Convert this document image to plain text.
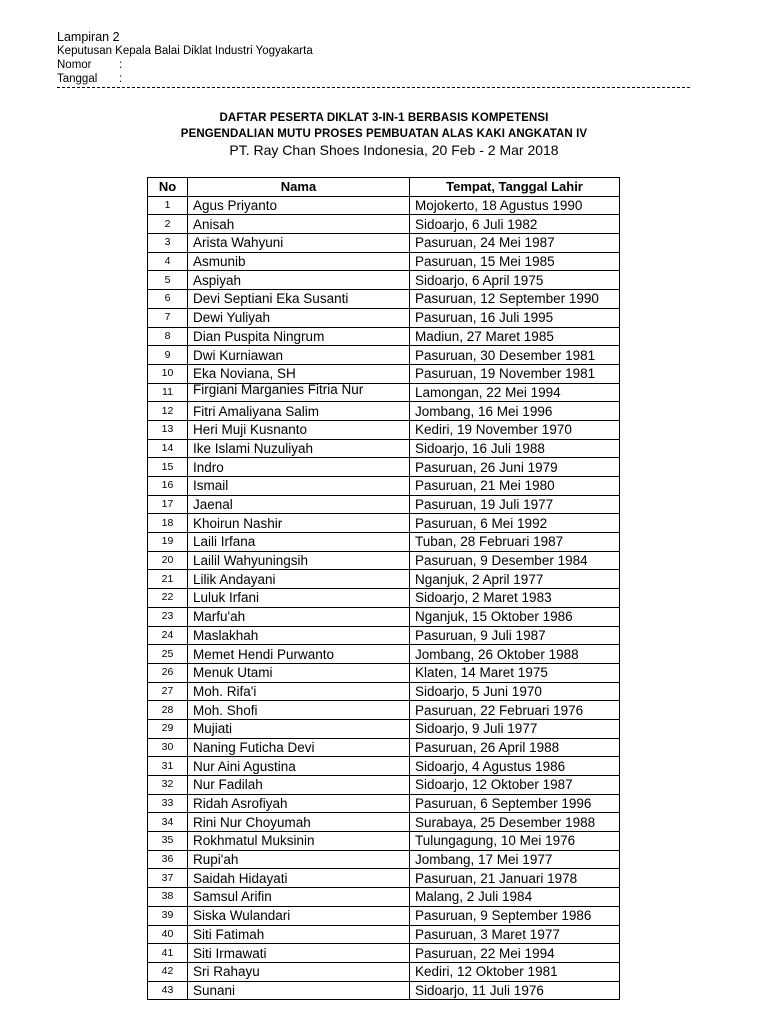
Lampiran 2
Keputusan Kepala Balai Diklat Industri Yogyakarta
Nomor	:
Tanggal	:
DAFTAR PESERTA DIKLAT 3-IN-1 BERBASIS KOMPETENSI
PENGENDALIAN MUTU PROSES PEMBUATAN ALAS KAKI ANGKATAN IV
PT. Ray Chan Shoes Indonesia, 20 Feb - 2 Mar 2018
No	Nama	Tempat, Tanggal Lahir
1	Agus Priyanto	Mojokerto, 18 Agustus 1990
2	Anisah	Sidoarjo, 6 Juli 1982
3	Arista Wahyuni	Pasuruan, 24 Mei 1987
4	Asmunib	Pasuruan, 15 Mei 1985
5	Aspiyah	Sidoarjo, 6 April 1975
6	Devi Septiani Eka Susanti	Pasuruan, 12 September 1990
7	Dewi Yuliyah	Pasuruan, 16 Juli 1995
8	Dian Puspita Ningrum	Madiun, 27 Maret 1985
9	Dwi Kurniawan	Pasuruan, 30 Desember 1981
10	Eka Noviana, SH	Pasuruan, 19 November 1981
11	Firgiani Marganies Fitria Nur	Lamongan, 22 Mei 1994
12	Fitri Amaliyana Salim	Jombang, 16 Mei 1996
13	Heri Muji Kusnanto	Kediri, 19 November 1970
14	Ike Islami Nuzuliyah	Sidoarjo, 16 Juli 1988
15	Indro	Pasuruan, 26 Juni 1979
16	Ismail	Pasuruan, 21 Mei 1980
17	Jaenal	Pasuruan, 19 Juli 1977
18	Khoirun Nashir	Pasuruan, 6 Mei 1992
19	Laili Irfana	Tuban, 28 Februari 1987
20	Lailil Wahyuningsih	Pasuruan, 9 Desember 1984
21	Lilik Andayani	Nganjuk, 2 April 1977
22	Luluk Irfani	Sidoarjo, 2 Maret 1983
23	Marfu'ah	Nganjuk, 15 Oktober 1986
24	Maslakhah	Pasuruan, 9 Juli 1987
25	Memet Hendi Purwanto	Jombang, 26 Oktober 1988
26	Menuk Utami	Klaten, 14 Maret 1975
27	Moh. Rifa'i	Sidoarjo, 5 Juni 1970
28	Moh. Shofi	Pasuruan, 22 Februari 1976
29	Mujiati	Sidoarjo, 9 Juli 1977
30	Naning Futicha Devi	Pasuruan, 26 April 1988
31	Nur Aini Agustina	Sidoarjo, 4 Agustus 1986
32	Nur Fadilah	Sidoarjo, 12 Oktober 1987
33	Ridah Asrofiyah	Pasuruan, 6 September 1996
34	Rini Nur Choyumah	Surabaya, 25 Desember 1988
35	Rokhmatul Muksinin	Tulungagung, 10 Mei 1976
36	Rupi'ah	Jombang, 17 Mei 1977
37	Saidah Hidayati	Pasuruan, 21 Januari 1978
38	Samsul Arifin	Malang, 2 Juli 1984
39	Siska Wulandari	Pasuruan, 9 September 1986
40	Siti Fatimah	Pasuruan, 3 Maret 1977
41	Siti Irmawati	Pasuruan, 22 Mei 1994
42	Sri Rahayu	Kediri, 12 Oktober 1981
43	Sunani	Sidoarjo, 11 Juli 1976
